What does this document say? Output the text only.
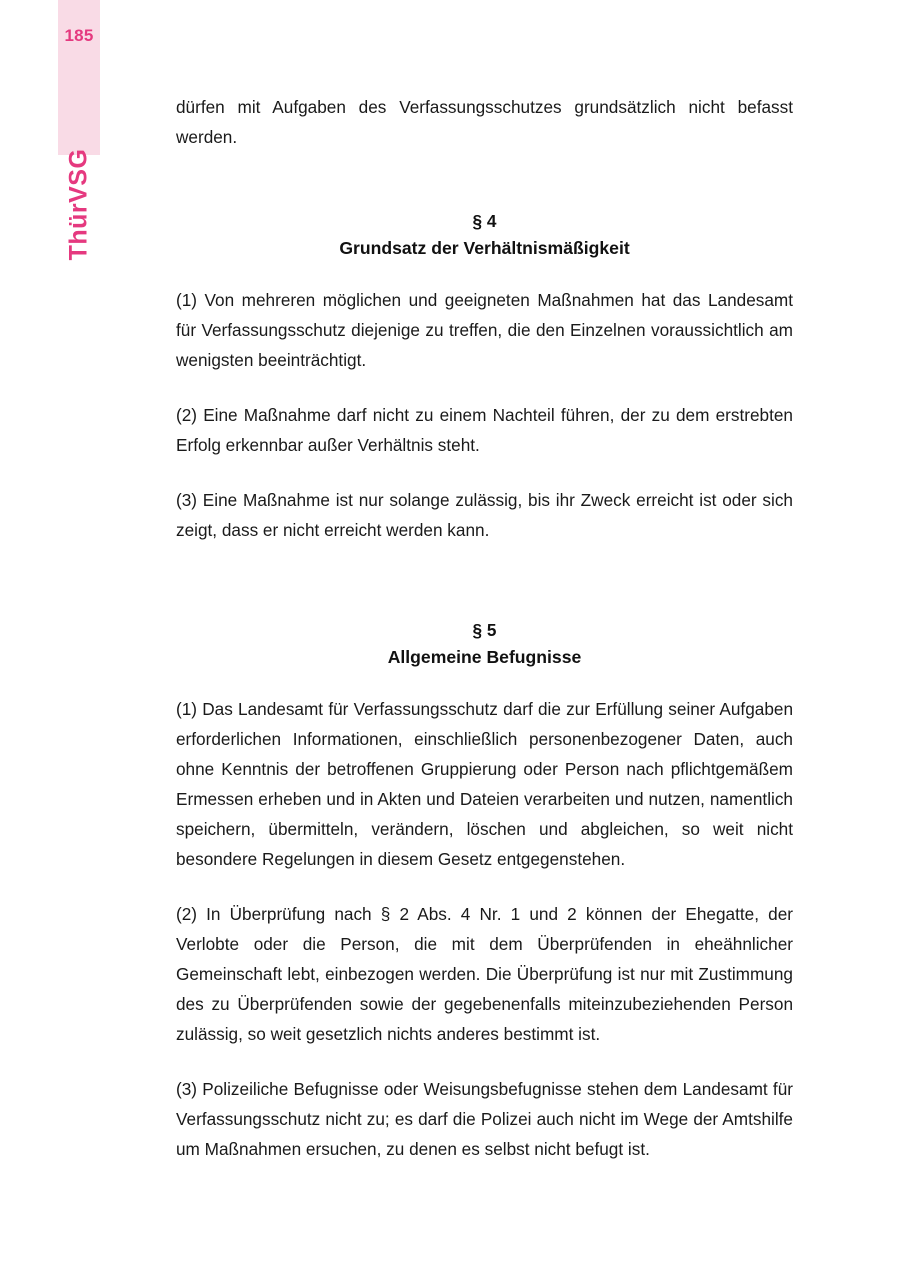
185
ThürVSG

dürfen mit Aufgaben des Verfassungsschutzes grundsätzlich nicht befasst werden.

§ 4
Grundsatz der Verhältnismäßigkeit

(1) Von mehreren möglichen und geeigneten Maßnahmen hat das Landesamt für Verfassungsschutz diejenige zu treffen, die den Einzelnen voraussichtlich am wenigsten beeinträchtigt.

(2) Eine Maßnahme darf nicht zu einem Nachteil führen, der zu dem erstrebten Erfolg erkennbar außer Verhältnis steht.

(3) Eine Maßnahme ist nur solange zulässig, bis ihr Zweck erreicht ist oder sich zeigt, dass er nicht erreicht werden kann.

§ 5
Allgemeine Befugnisse

(1) Das Landesamt für Verfassungsschutz darf die zur Erfüllung seiner Aufgaben erforderlichen Informationen, einschließlich personenbezogener Daten, auch ohne Kenntnis der betroffenen Gruppierung oder Person nach pflichtgemäßem Ermessen erheben und in Akten und Dateien verarbeiten und nutzen, namentlich speichern, übermitteln, verändern, löschen und abgleichen, so weit nicht besondere Regelungen in diesem Gesetz entgegenstehen.

(2) In Überprüfung nach § 2 Abs. 4 Nr. 1 und 2 können der Ehegatte, der Verlobte oder die Person, die mit dem Überprüfenden in eheähnlicher Gemeinschaft lebt, einbezogen werden. Die Überprüfung ist nur mit Zustimmung des zu Überprüfenden sowie der gegebenenfalls miteinzubeziehenden Person zulässig, so weit gesetzlich nichts anderes bestimmt ist.

(3) Polizeiliche Befugnisse oder Weisungsbefugnisse stehen dem Landesamt für Verfassungsschutz nicht zu; es darf die Polizei auch nicht im Wege der Amtshilfe um Maßnahmen ersuchen, zu denen es selbst nicht befugt ist.
